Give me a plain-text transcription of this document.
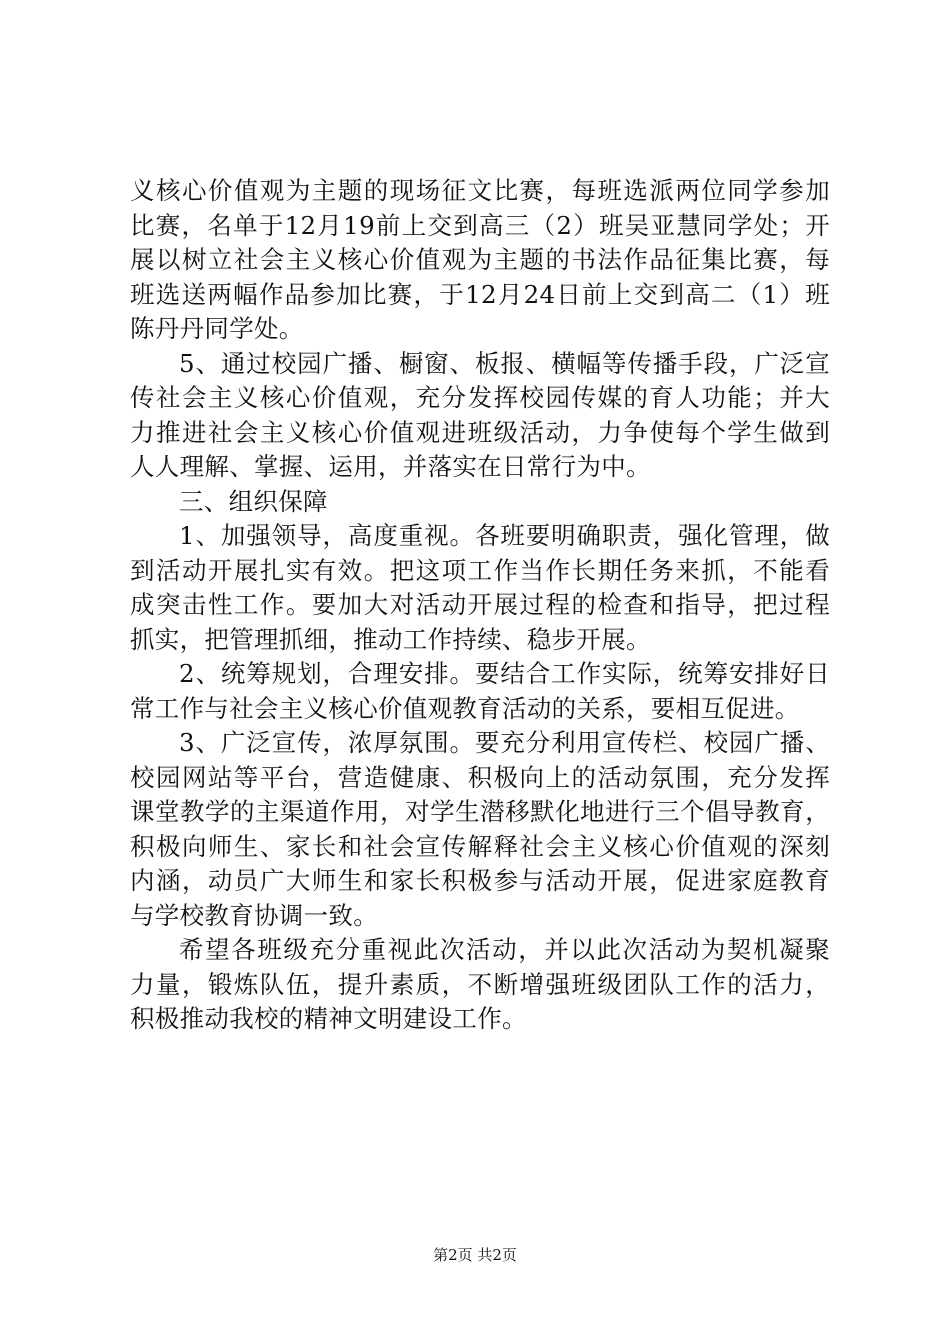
义核心价值观为主题的现场征文比赛，每班选派两位同学参加
比赛，名单于12月19前上交到高三（2）班吴亚慧同学处；开
展以树立社会主义核心价值观为主题的书法作品征集比赛，每
班选送两幅作品参加比赛，于12月24日前上交到高二（1）班
陈丹丹同学处。
5、通过校园广播、橱窗、板报、横幅等传播手段，广泛宣
传社会主义核心价值观，充分发挥校园传媒的育人功能；并大
力推进社会主义核心价值观进班级活动，力争使每个学生做到
人人理解、掌握、运用，并落实在日常行为中。
三、组织保障
1、加强领导，高度重视。各班要明确职责，强化管理，做
到活动开展扎实有效。把这项工作当作长期任务来抓，不能看
成突击性工作。要加大对活动开展过程的检查和指导，把过程
抓实，把管理抓细，推动工作持续、稳步开展。
2、统筹规划，合理安排。要结合工作实际，统筹安排好日
常工作与社会主义核心价值观教育活动的关系，要相互促进。
3、广泛宣传，浓厚氛围。要充分利用宣传栏、校园广播、
校园网站等平台，营造健康、积极向上的活动氛围，充分发挥
课堂教学的主渠道作用，对学生潜移默化地进行三个倡导教育，
积极向师生、家长和社会宣传解释社会主义核心价值观的深刻
内涵，动员广大师生和家长积极参与活动开展，促进家庭教育
与学校教育协调一致。
希望各班级充分重视此次活动，并以此次活动为契机凝聚
力量，锻炼队伍，提升素质，不断增强班级团队工作的活力，
积极推动我校的精神文明建设工作。
第2页 共2页
